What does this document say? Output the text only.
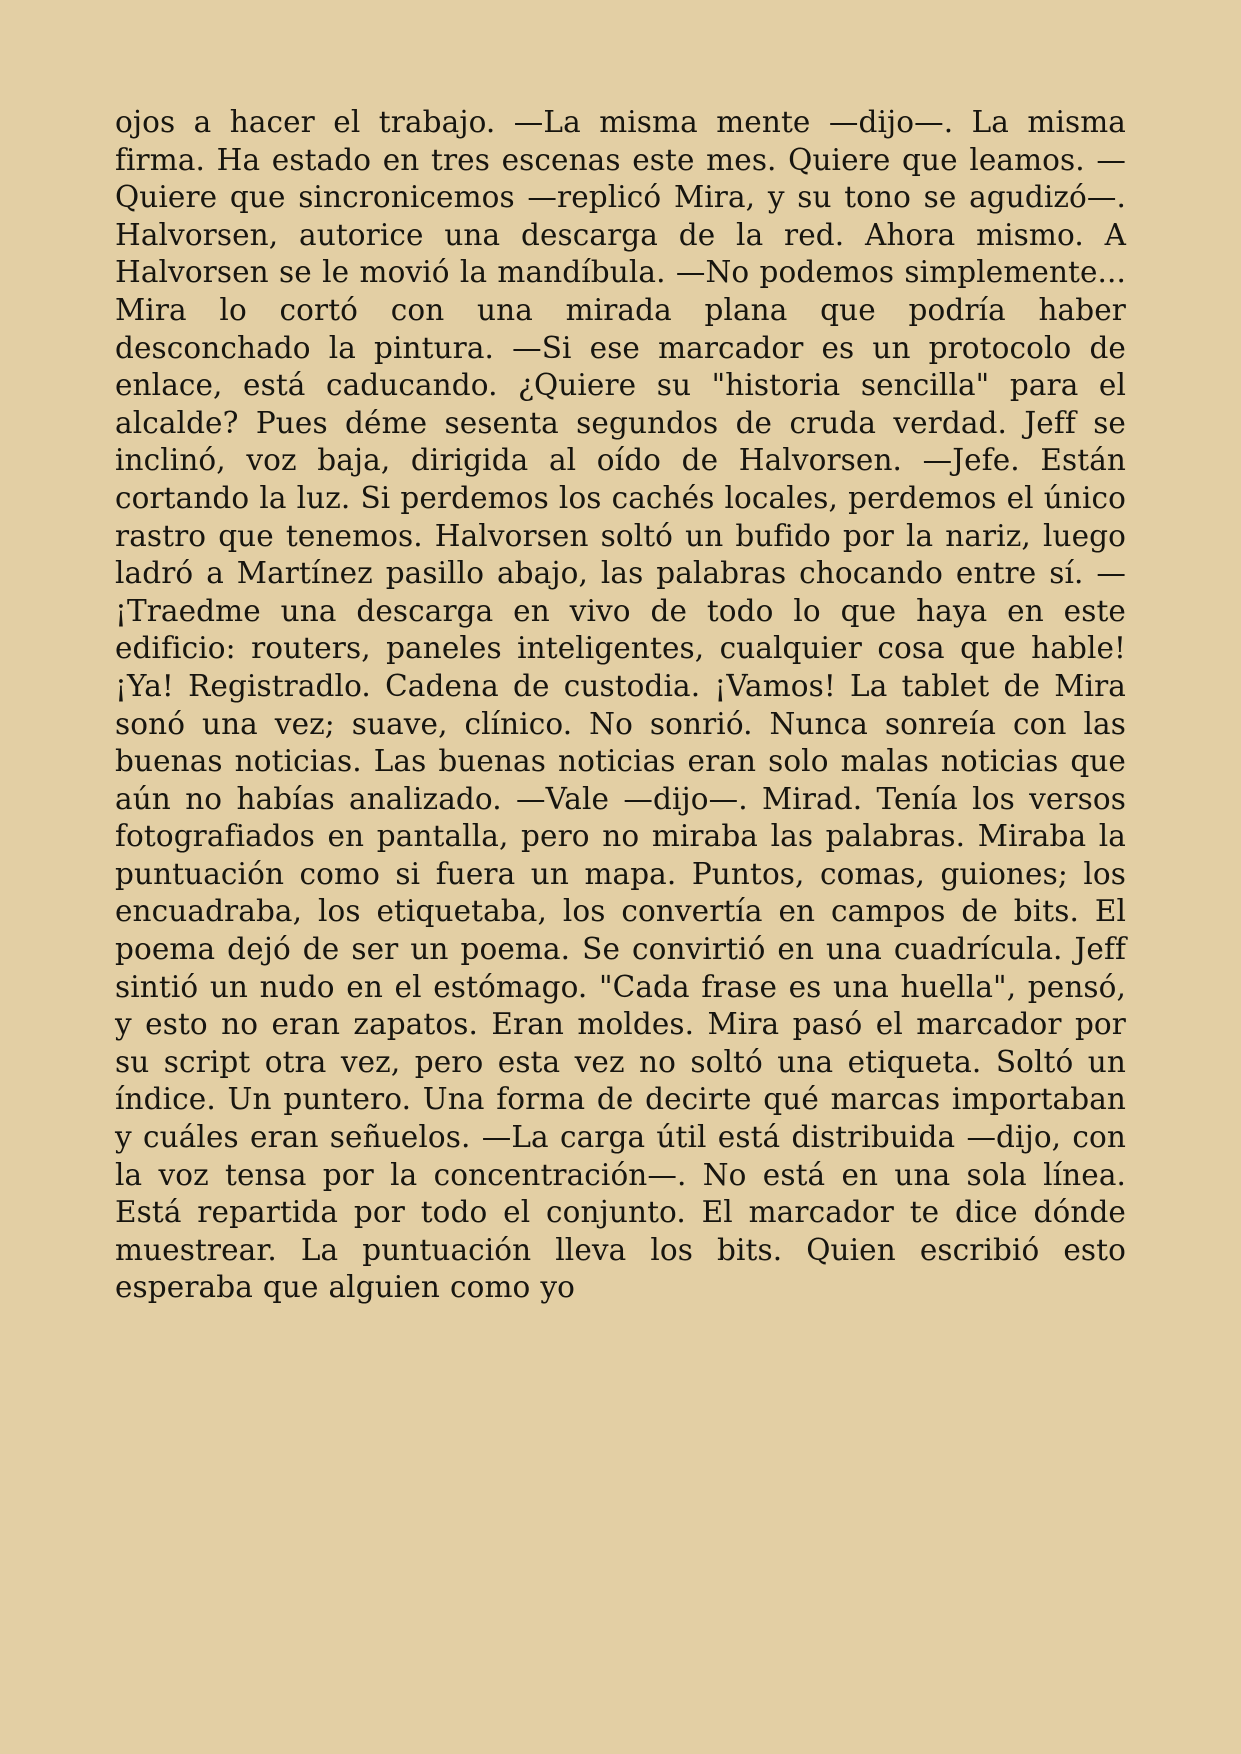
ojos a hacer el trabajo. —La misma mente —dijo—. La misma firma. Ha estado en tres escenas este mes. Quiere que leamos. —Quiere que sincronicemos —replicó Mira, y su tono se agudizó—. Halvorsen, autorice una descarga de la red. Ahora mismo. A Halvorsen se le movió la mandíbula. —No podemos simplemente... Mira lo cortó con una mirada plana que podría haber desconchado la pintura. —Si ese marcador es un protocolo de enlace, está caducando. ¿Quiere su "historia sencilla" para el alcalde? Pues déme sesenta segundos de cruda verdad. Jeff se inclinó, voz baja, dirigida al oído de Halvorsen. —Jefe. Están cortando la luz. Si perdemos los cachés locales, perdemos el único rastro que tenemos. Halvorsen soltó un bufido por la nariz, luego ladró a Martínez pasillo abajo, las palabras chocando entre sí. —¡Traedme una descarga en vivo de todo lo que haya en este edificio: routers, paneles inteligentes, cualquier cosa que hable! ¡Ya! Registradlo. Cadena de custodia. ¡Vamos! La tablet de Mira sonó una vez; suave, clínico. No sonrió. Nunca sonreía con las buenas noticias. Las buenas noticias eran solo malas noticias que aún no habías analizado. —Vale —dijo—. Mirad. Tenía los versos fotografiados en pantalla, pero no miraba las palabras. Miraba la puntuación como si fuera un mapa. Puntos, comas, guiones; los encuadraba, los etiquetaba, los convertía en campos de bits. El poema dejó de ser un poema. Se convirtió en una cuadrícula. Jeff sintió un nudo en el estómago. "Cada frase es una huella", pensó, y esto no eran zapatos. Eran moldes. Mira pasó el marcador por su script otra vez, pero esta vez no soltó una etiqueta. Soltó un índice. Un puntero. Una forma de decirte qué marcas importaban y cuáles eran señuelos. —La carga útil está distribuida —dijo, con la voz tensa por la concentración—. No está en una sola línea. Está repartida por todo el conjunto. El marcador te dice dónde muestrear. La puntuación lleva los bits. Quien escribió esto esperaba que alguien como yo
